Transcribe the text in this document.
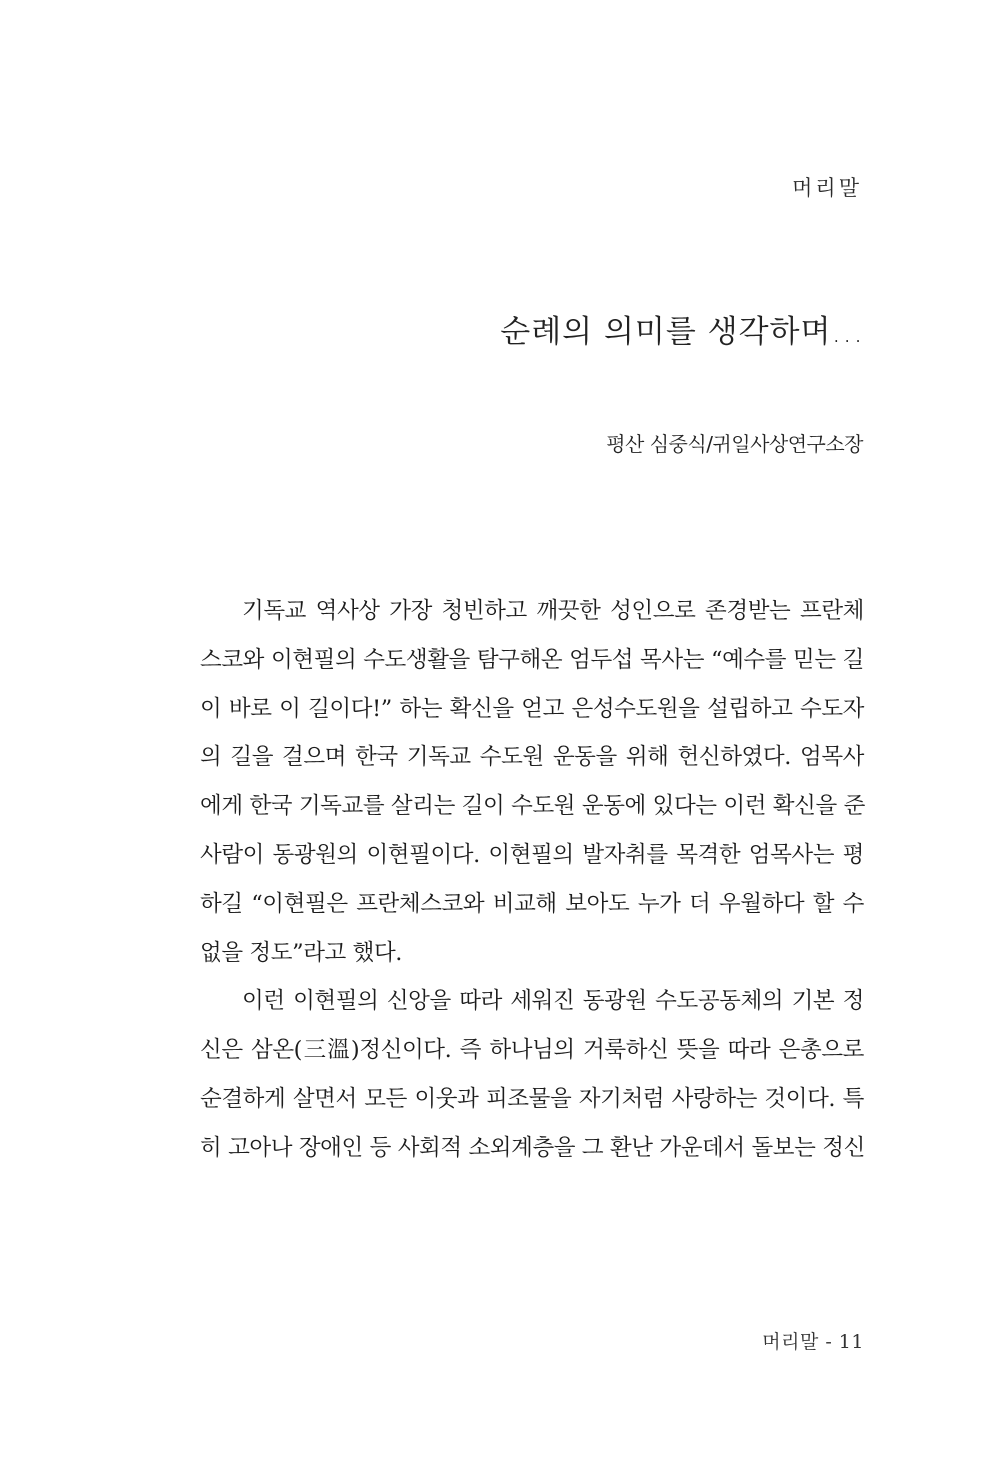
머리말
순례의 의미를 생각하며...
평산 심중식/귀일사상연구소장
기독교 역사상 가장 청빈하고 깨끗한 성인으로 존경받는 프란체
스코와 이현필의 수도생활을 탐구해온 엄두섭 목사는 “예수를 믿는 길
이 바로 이 길이다!” 하는 확신을 얻고 은성수도원을 설립하고 수도자
의 길을 걸으며 한국 기독교 수도원 운동을 위해 헌신하였다. 엄목사
에게 한국 기독교를 살리는 길이 수도원 운동에 있다는 이런 확신을 준
사람이 동광원의 이현필이다. 이현필의 발자취를 목격한 엄목사는 평
하길 “이현필은 프란체스코와 비교해 보아도 누가 더 우월하다 할 수
없을 정도”라고 했다.
이런 이현필의 신앙을 따라 세워진 동광원 수도공동체의 기본 정
신은 삼온(三溫)정신이다. 즉 하나님의 거룩하신 뜻을 따라 은총으로
순결하게 살면서 모든 이웃과 피조물을 자기처럼 사랑하는 것이다. 특
히 고아나 장애인 등 사회적 소외계층을 그 환난 가운데서 돌보는 정신
머리말 - 11
